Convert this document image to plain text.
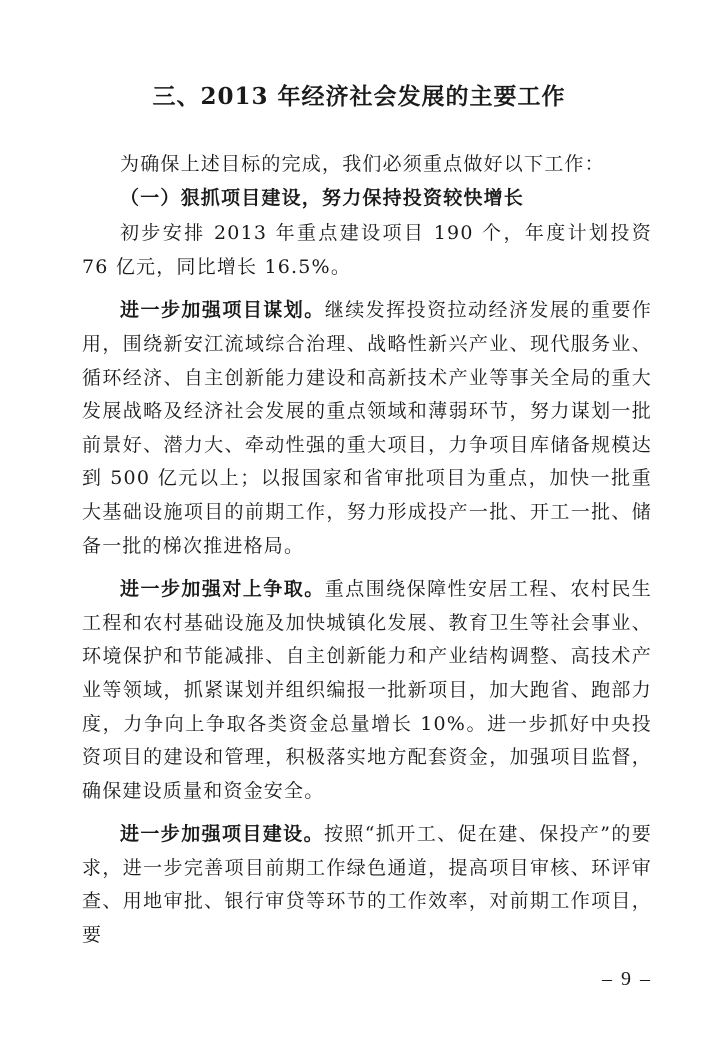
三、2013 年经济社会发展的主要工作

为确保上述目标的完成，我们必须重点做好以下工作：

（一）狠抓项目建设，努力保持投资较快增长

初步安排 2013 年重点建设项目 190 个，年度计划投资 76 亿元，同比增长 16.5%。

进一步加强项目谋划。继续发挥投资拉动经济发展的重要作用，围绕新安江流域综合治理、战略性新兴产业、现代服务业、循环经济、自主创新能力建设和高新技术产业等事关全局的重大发展战略及经济社会发展的重点领域和薄弱环节，努力谋划一批前景好、潜力大、牵动性强的重大项目，力争项目库储备规模达到 500 亿元以上；以报国家和省审批项目为重点，加快一批重大基础设施项目的前期工作，努力形成投产一批、开工一批、储备一批的梯次推进格局。

进一步加强对上争取。重点围绕保障性安居工程、农村民生工程和农村基础设施及加快城镇化发展、教育卫生等社会事业、环境保护和节能减排、自主创新能力和产业结构调整、高技术产业等领域，抓紧谋划并组织编报一批新项目，加大跑省、跑部力度，力争向上争取各类资金总量增长 10%。进一步抓好中央投资项目的建设和管理，积极落实地方配套资金，加强项目监督，确保建设质量和资金安全。

进一步加强项目建设。按照“抓开工、促在建、保投产”的要求，进一步完善项目前期工作绿色通道，提高项目审核、环评审查、用地审批、银行审贷等环节的工作效率，对前期工作项目，要

– 9 –
